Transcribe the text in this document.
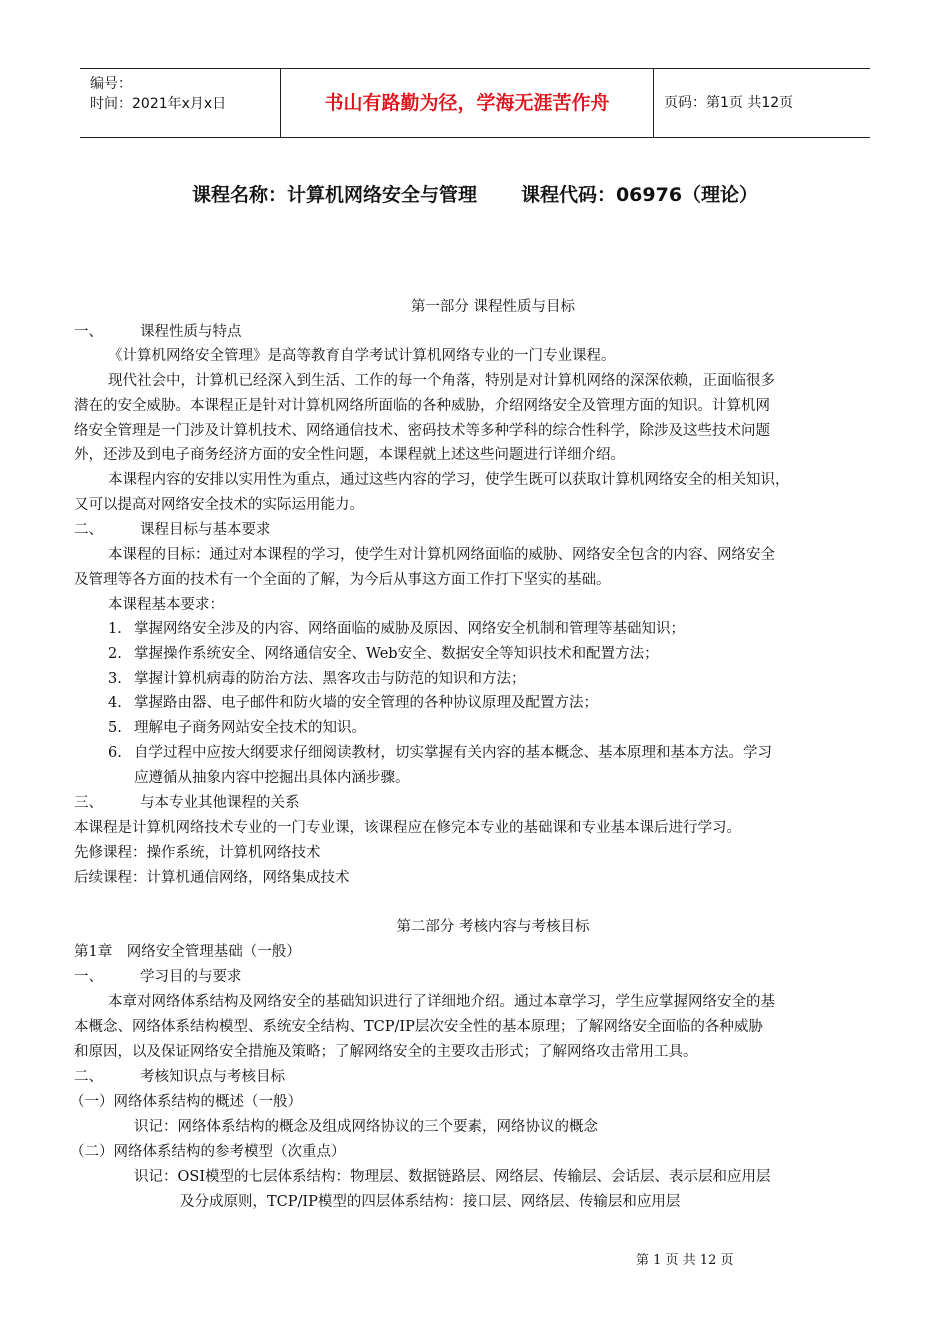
编号：
时间：2021年x月x日	书山有路勤为径，学海无涯苦作舟	页码：第1页 共12页
课程名称：计算机网络安全与管理 课程代码：06976（理论）
第一部分 课程性质与目标
一、	课程性质与特点
《计算机网络安全管理》是高等教育自学考试计算机网络专业的一门专业课程。
现代社会中，计算机已经深入到生活、工作的每一个角落，特别是对计算机网络的深深依赖，正面临很多
潜在的安全威胁。本课程正是针对计算机网络所面临的各种威胁，介绍网络安全及管理方面的知识。计算机网
络安全管理是一门涉及计算机技术、网络通信技术、密码技术等多种学科的综合性科学，除涉及这些技术问题
外，还涉及到电子商务经济方面的安全性问题，本课程就上述这些问题进行详细介绍。
本课程内容的安排以实用性为重点，通过这些内容的学习，使学生既可以获取计算机网络安全的相关知识，
又可以提高对网络安全技术的实际运用能力。
二、	课程目标与基本要求
本课程的目标：通过对本课程的学习，使学生对计算机网络面临的威胁、网络安全包含的内容、网络安全
及管理等各方面的技术有一个全面的了解，为今后从事这方面工作打下坚实的基础。
本课程基本要求：
1. 掌握网络安全涉及的内容、网络面临的威胁及原因、网络安全机制和管理等基础知识；
2. 掌握操作系统安全、网络通信安全、Web安全、数据安全等知识技术和配置方法；
3. 掌握计算机病毒的防治方法、黑客攻击与防范的知识和方法；
4. 掌握路由器、电子邮件和防火墙的安全管理的各种协议原理及配置方法；
5. 理解电子商务网站安全技术的知识。
6. 自学过程中应按大纲要求仔细阅读教材，切实掌握有关内容的基本概念、基本原理和基本方法。学习
应遵循从抽象内容中挖掘出具体内涵步骤。
三、	与本专业其他课程的关系
本课程是计算机网络技术专业的一门专业课，该课程应在修完本专业的基础课和专业基本课后进行学习。
先修课程：操作系统，计算机网络技术
后续课程：计算机通信网络，网络集成技术
第二部分 考核内容与考核目标
第1章　网络安全管理基础（一般）
一、	学习目的与要求
本章对网络体系结构及网络安全的基础知识进行了详细地介绍。通过本章学习，学生应掌握网络安全的基
本概念、网络体系结构模型、系统安全结构、TCP/IP层次安全性的基本原理；了解网络安全面临的各种威胁
和原因，以及保证网络安全措施及策略；了解网络安全的主要攻击形式；了解网络攻击常用工具。
二、	考核知识点与考核目标
（一）网络体系结构的概述（一般）
识记：网络体系结构的概念及组成网络协议的三个要素，网络协议的概念
（二）网络体系结构的参考模型（次重点）
识记：OSI模型的七层体系结构：物理层、数据链路层、网络层、传输层、会话层、表示层和应用层
及分成原则，TCP/IP模型的四层体系结构：接口层、网络层、传输层和应用层
第 1 页 共 12 页
